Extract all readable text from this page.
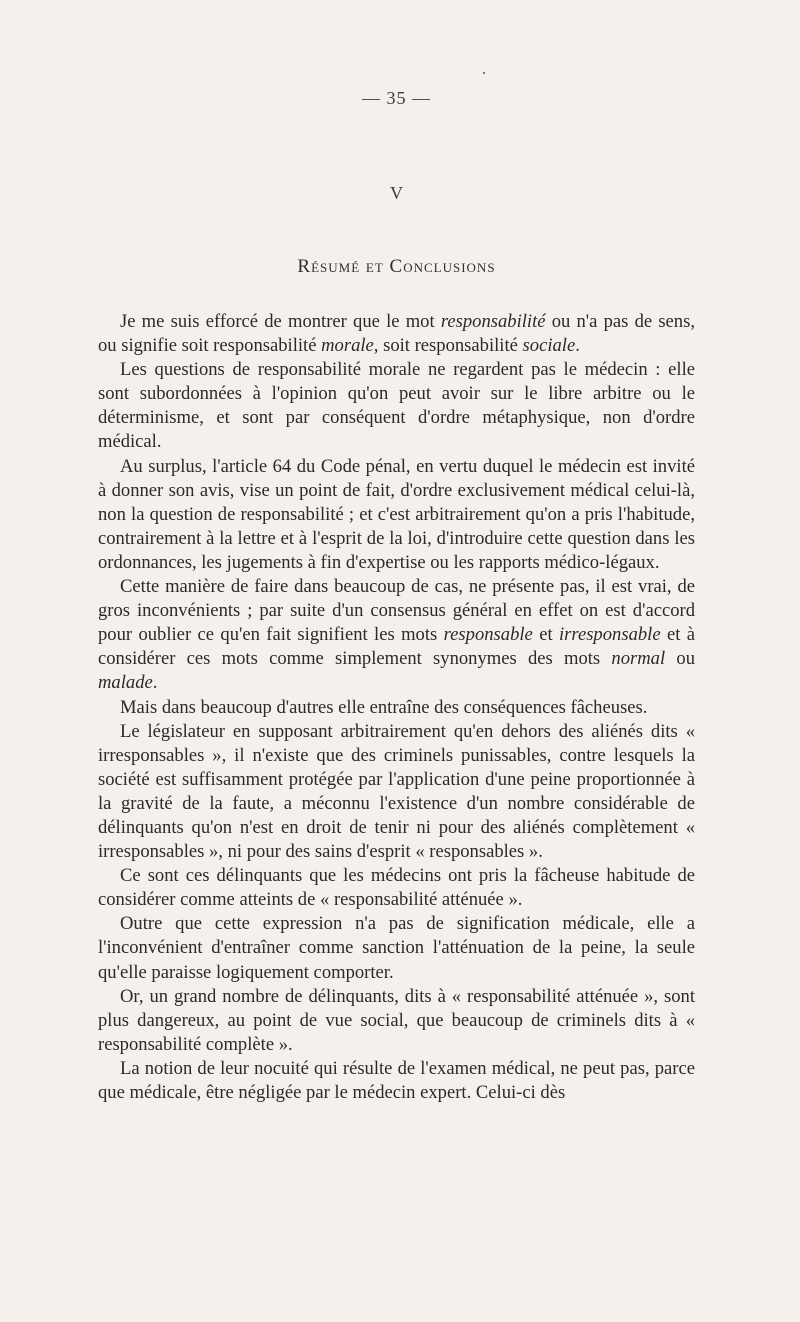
— 35 —
V
Résumé et Conclusions

Je me suis efforcé de montrer que le mot responsabilité ou n'a pas de sens, ou signifie soit responsabilité morale, soit responsabilité sociale.

Les questions de responsabilité morale ne regardent pas le médecin : elle sont subordonnées à l'opinion qu'on peut avoir sur le libre arbitre ou le déterminisme, et sont par conséquent d'ordre métaphysique, non d'ordre médical.

Au surplus, l'article 64 du Code pénal, en vertu duquel le médecin est invité à donner son avis, vise un point de fait, d'ordre exclusivement médical celui-là, non la question de responsabilité ; et c'est arbitrairement qu'on a pris l'habitude, contrairement à la lettre et à l'esprit de la loi, d'introduire cette question dans les ordonnances, les jugements à fin d'expertise ou les rapports médico-légaux.

Cette manière de faire dans beaucoup de cas, ne présente pas, il est vrai, de gros inconvénients ; par suite d'un consensus général en effet on est d'accord pour oublier ce qu'en fait signifient les mots responsable et irresponsable et à considérer ces mots comme simplement synonymes des mots normal ou malade.

Mais dans beaucoup d'autres elle entraîne des conséquences fâcheuses.

Le législateur en supposant arbitrairement qu'en dehors des aliénés dits « irresponsables », il n'existe que des criminels punissables, contre lesquels la société est suffisamment protégée par l'application d'une peine proportionnée à la gravité de la faute, a méconnu l'existence d'un nombre considérable de délinquants qu'on n'est en droit de tenir ni pour des aliénés complètement « irresponsables », ni pour des sains d'esprit « responsables ».

Ce sont ces délinquants que les médecins ont pris la fâcheuse habitude de considérer comme atteints de « responsabilité atténuée ».

Outre que cette expression n'a pas de signification médicale, elle a l'inconvénient d'entraîner comme sanction l'atténuation de la peine, la seule qu'elle paraisse logiquement comporter.

Or, un grand nombre de délinquants, dits à « responsabilité atténuée », sont plus dangereux, au point de vue social, que beaucoup de criminels dits à « responsabilité complète ».

La notion de leur nocuité qui résulte de l'examen médical, ne peut pas, parce que médicale, être négligée par le médecin expert. Celui-ci dès
